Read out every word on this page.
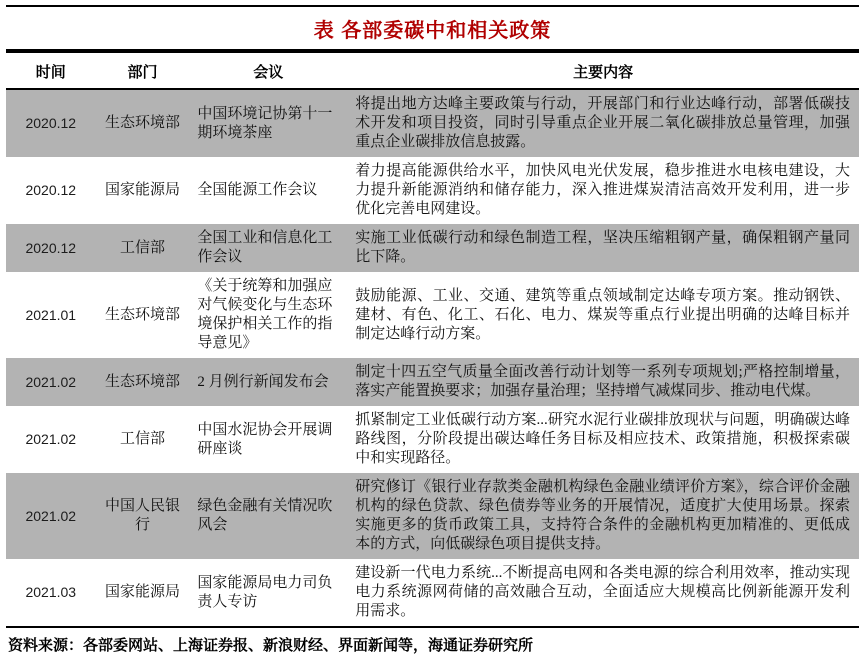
表 各部委碳中和相关政策
时间	部门	会议	主要内容
2020.12	生态环境部	中国环境记协第十一期环境茶座	将提出地方达峰主要政策与行动，开展部门和行业达峰行动，部署低碳技术开发和项目投资，同时引导重点企业开展二氧化碳排放总量管理，加强重点企业碳排放信息披露。
2020.12	国家能源局	全国能源工作会议	着力提高能源供给水平，加快风电光伏发展，稳步推进水电核电建设，大力提升新能源消纳和储存能力，深入推进煤炭清洁高效开发利用，进一步优化完善电网建设。
2020.12	工信部	全国工业和信息化工作会议	实施工业低碳行动和绿色制造工程，坚决压缩粗钢产量，确保粗钢产量同比下降。
2021.01	生态环境部	《关于统筹和加强应对气候变化与生态环境保护相关工作的指导意见》	鼓励能源、工业、交通、建筑等重点领域制定达峰专项方案。推动钢铁、建材、有色、化工、石化、电力、煤炭等重点行业提出明确的达峰目标并制定达峰行动方案。
2021.02	生态环境部	2 月例行新闻发布会	制定十四五空气质量全面改善行动计划等一系列专项规划;严格控制增量，落实产能置换要求；加强存量治理；坚持增气减煤同步、推动电代煤。
2021.02	工信部	中国水泥协会开展调研座谈	抓紧制定工业低碳行动方案...研究水泥行业碳排放现状与问题，明确碳达峰路线图，分阶段提出碳达峰任务目标及相应技术、政策措施，积极探索碳中和实现路径。
2021.02	中国人民银行	绿色金融有关情况吹风会	研究修订《银行业存款类金融机构绿色金融业绩评价方案》，综合评价金融机构的绿色贷款、绿色债券等业务的开展情况，适度扩大使用场景。探索实施更多的货币政策工具，支持符合条件的金融机构更加精准的、更低成本的方式，向低碳绿色项目提供支持。
2021.03	国家能源局	国家能源局电力司负责人专访	建设新一代电力系统...不断提高电网和各类电源的综合利用效率，推动实现电力系统源网荷储的高效融合互动，全面适应大规模高比例新能源开发利用需求。
资料来源：各部委网站、上海证券报、新浪财经、界面新闻等，海通证券研究所
